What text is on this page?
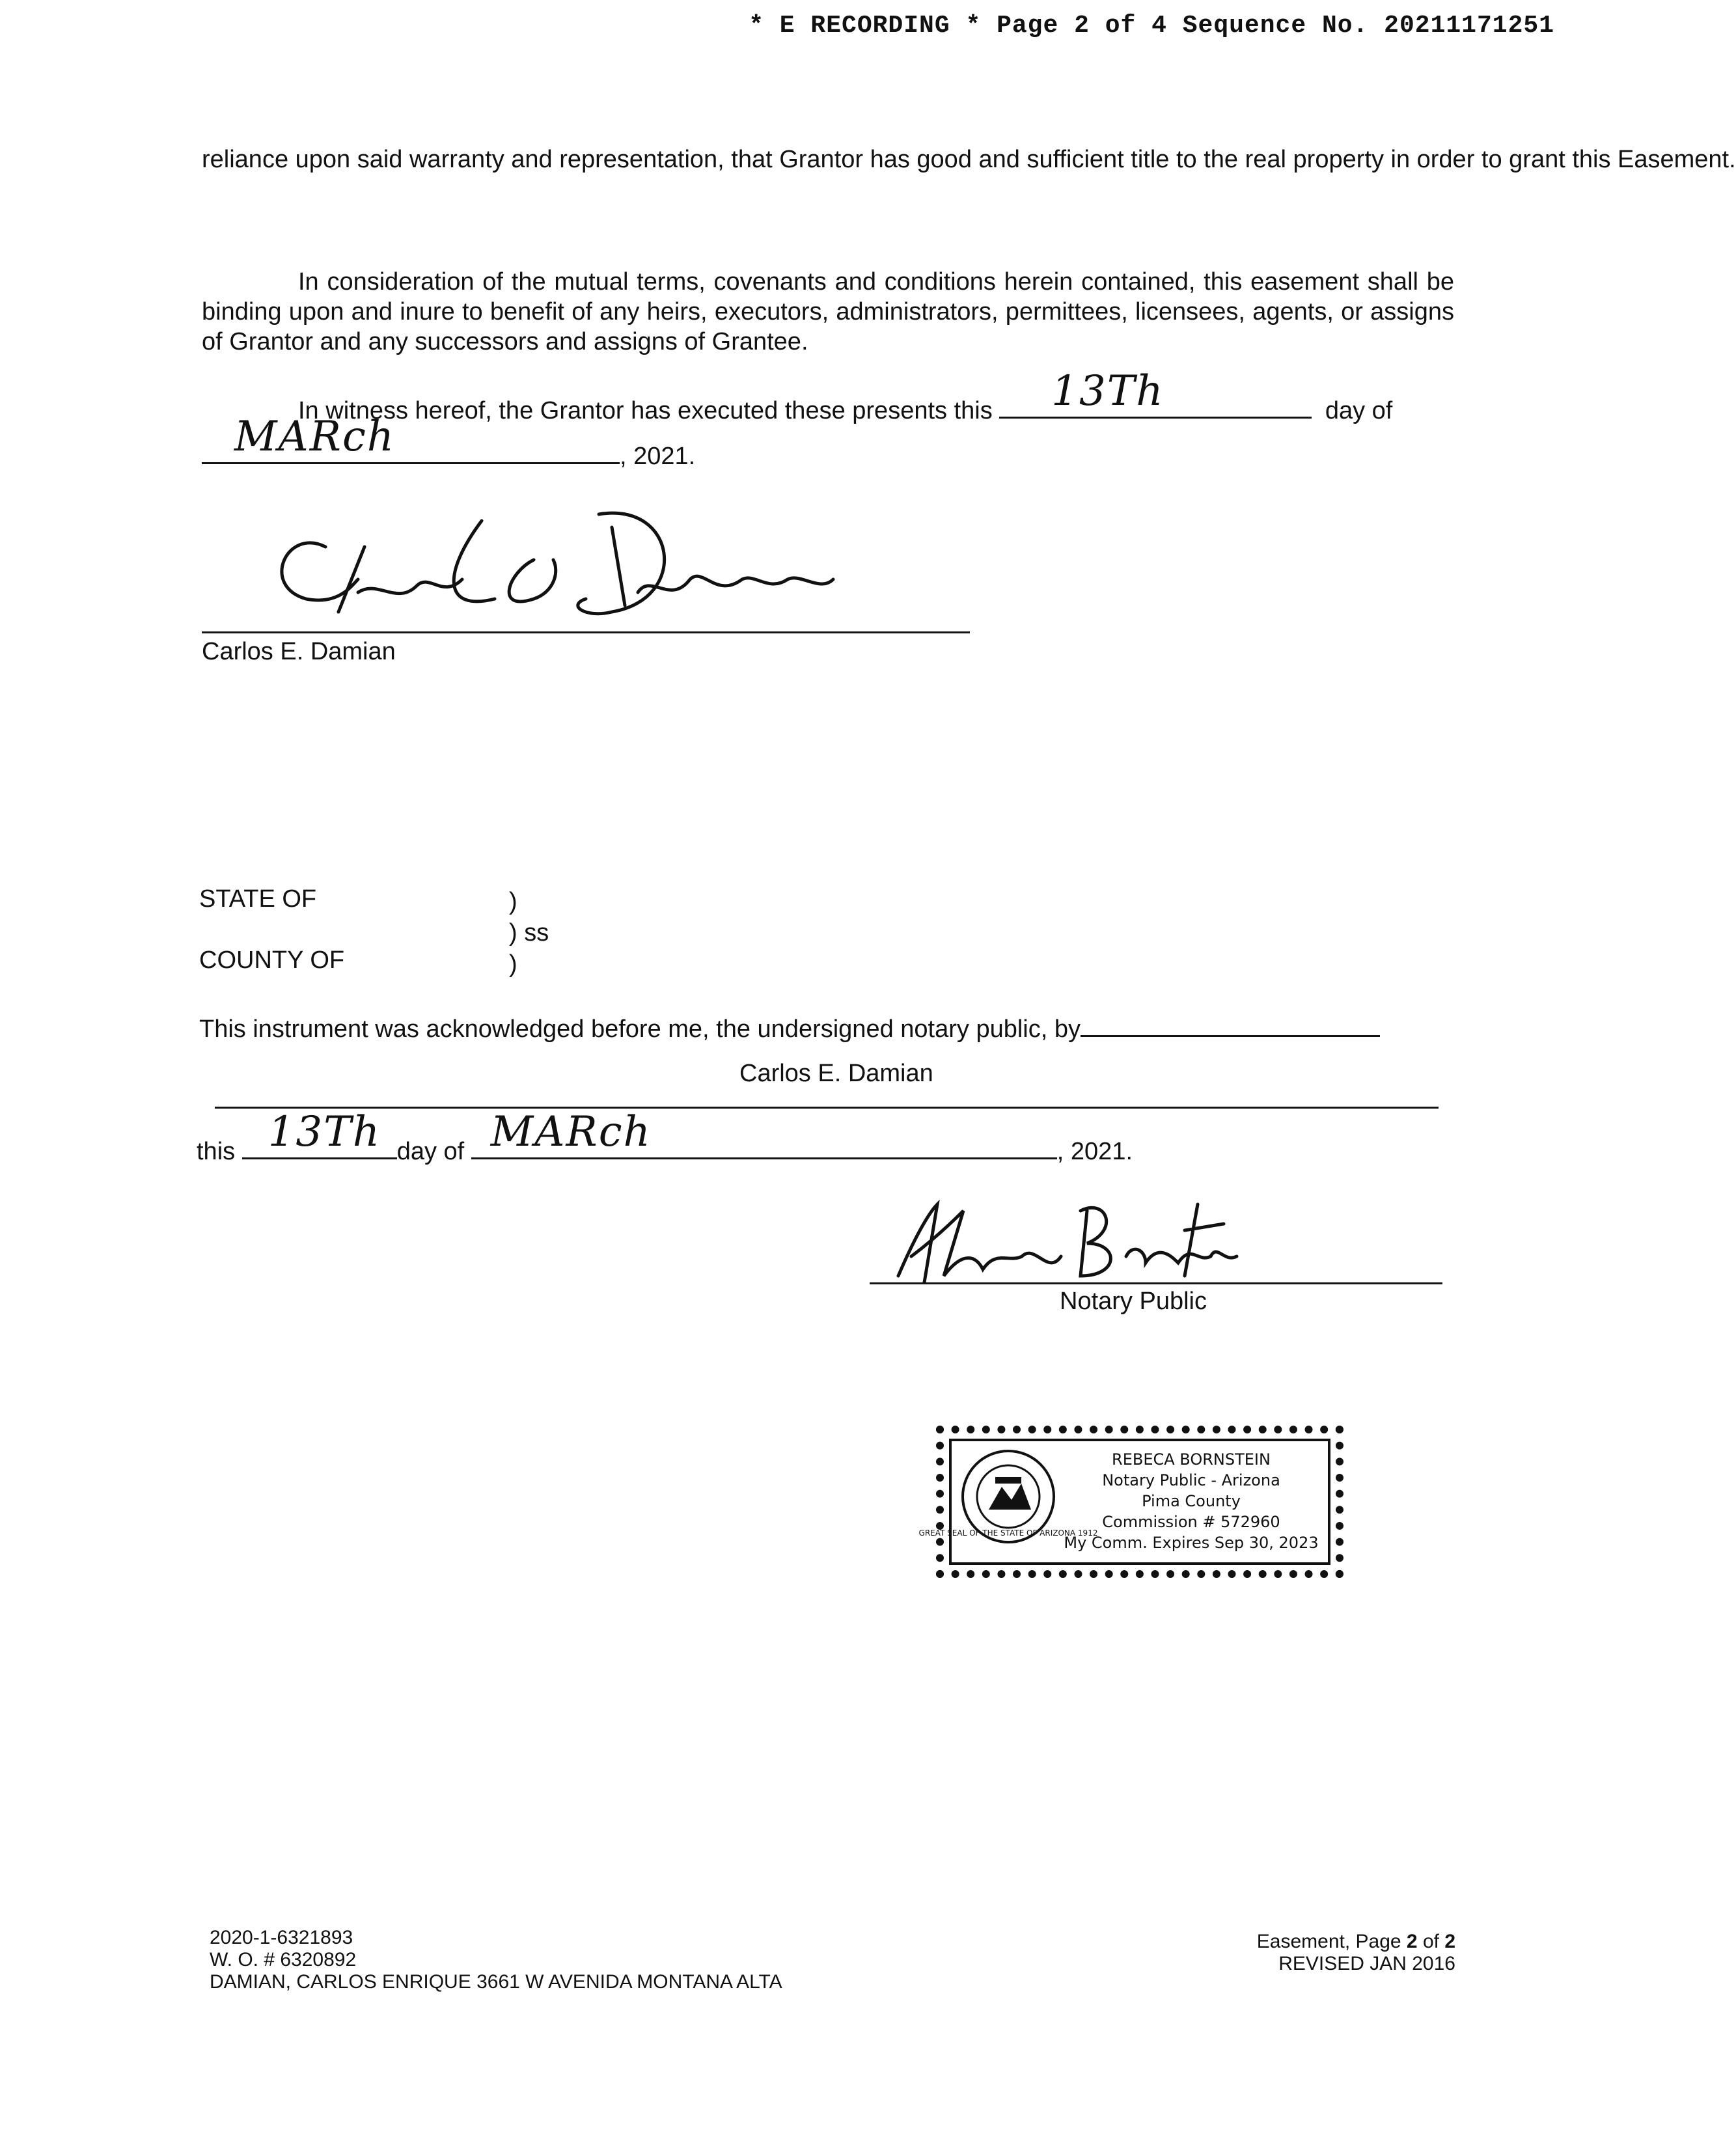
* E RECORDING * Page 2 of 4 Sequence No. 20211171251

reliance upon said warranty and representation, that Grantor has good and sufficient title to the real property in order to grant this Easement.

In consideration of the mutual terms, covenants and conditions herein contained, this easement shall be binding upon and inure to benefit of any heirs, executors, administrators, permittees, licensees, agents, or assigns of Grantor and any successors and assigns of Grantee.

In witness hereof, the Grantor has executed these presents this 13Th	day of
MARch	, 2021.
Carlos E. Damian
Carlos E. Damian
STATE OF
COUNTY OF
)
) ss
)
This instrument was acknowledged before me, the undersigned notary public, by
Carlos E. Damian
this 13Th day of MARch	, 2021.
Rebeca Bornstein
Notary Public
GREAT SEAL OF THE STATE OF ARIZONA 1912
REBECA BORNSTEIN
Notary Public - Arizona
Pima County
Commission # 572960
My Comm. Expires Sep 30, 2023
2020-1-6321893
W. O. # 6320892
DAMIAN, CARLOS ENRIQUE 3661 W AVENIDA MONTANA ALTA
Easement, Page 2 of 2
REVISED JAN 2016
